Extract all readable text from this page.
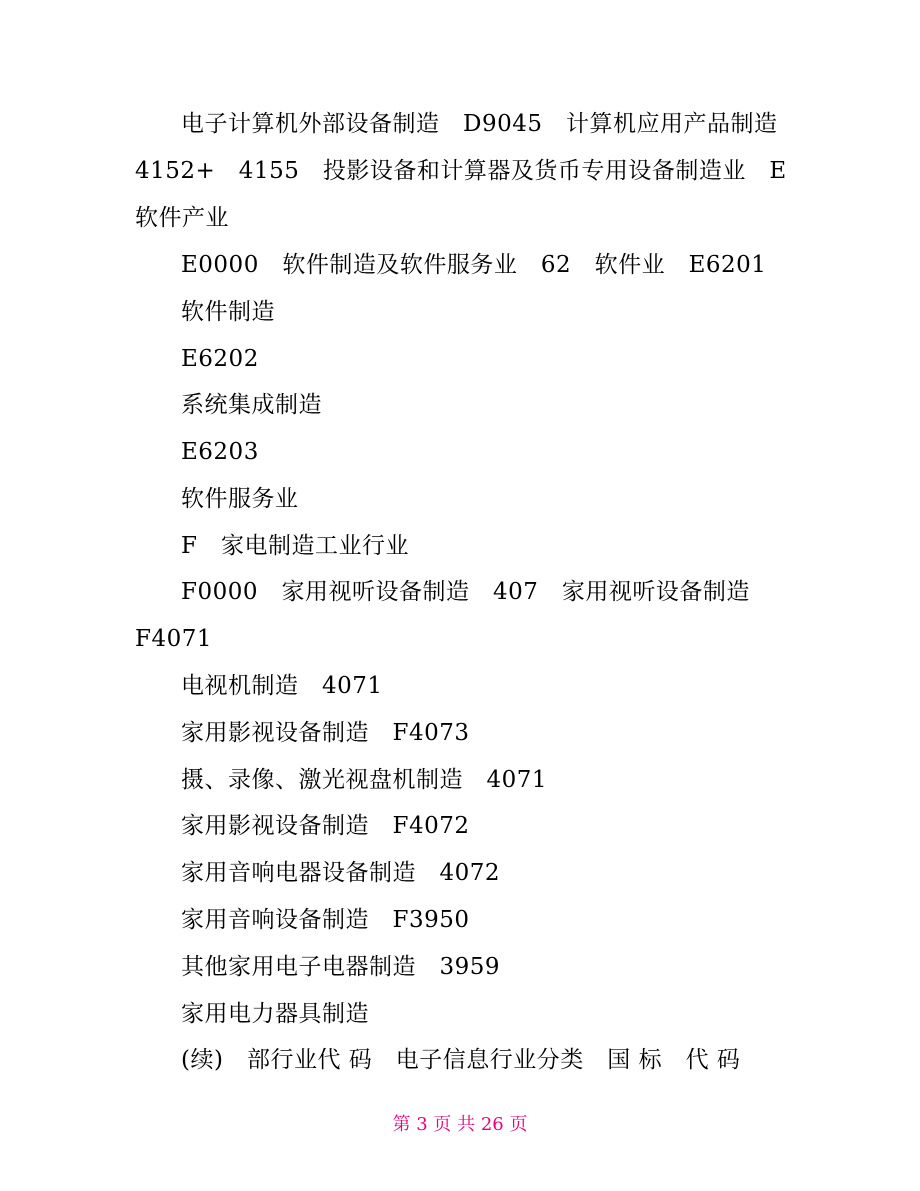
电子计算机外部设备制造　D9045　计算机应用产品制造
4152+　4155　投影设备和计算器及货币专用设备制造业　E
软件产业
E0000　软件制造及软件服务业　62　软件业　E6201
软件制造
E6202
系统集成制造
E6203
软件服务业
F　家电制造工业行业
F0000　家用视听设备制造　407　家用视听设备制造
F4071
电视机制造　4071
家用影视设备制造　F4073
摄、录像、激光视盘机制造　4071
家用影视设备制造　F4072
家用音响电器设备制造　4072
家用音响设备制造　F3950
其他家用电子电器制造　3959
家用电力器具制造
(续)　部行业代 码　电子信息行业分类　国 标　代 码
第 3 页 共 26 页
